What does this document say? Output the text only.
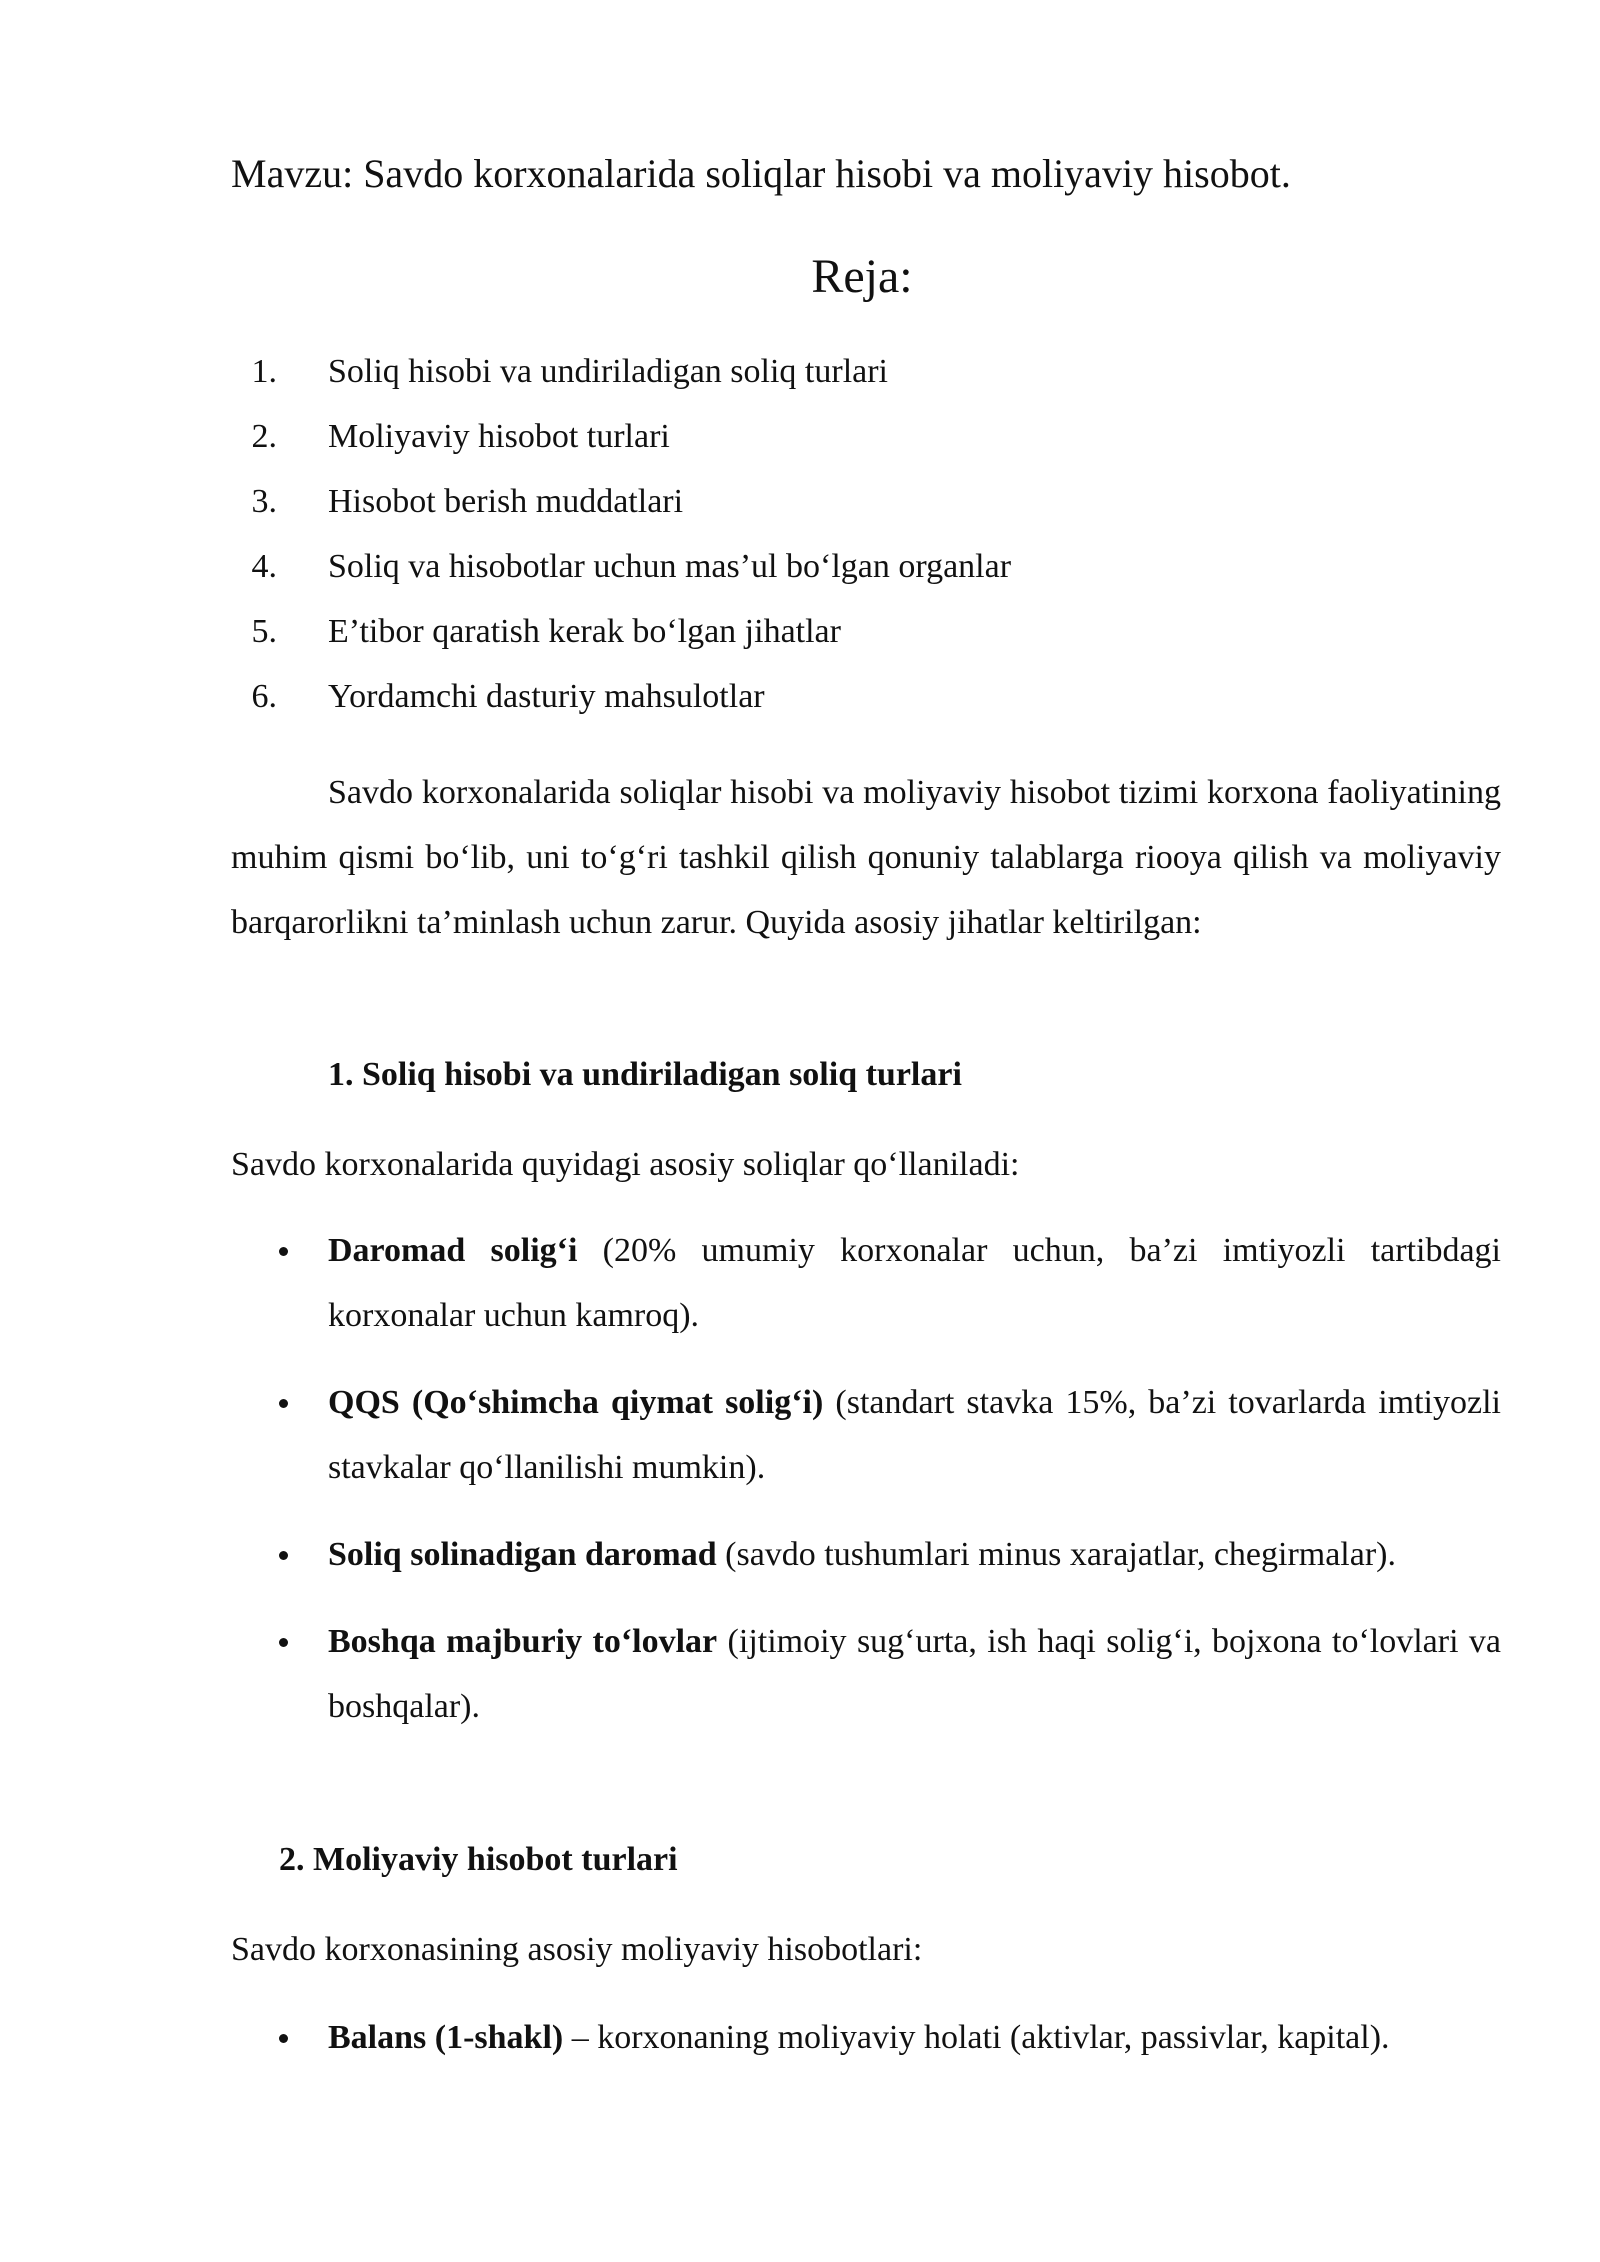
Mavzu: Savdo korxonalarida soliqlar hisobi va moliyaviy hisobot.
Reja:
1. Soliq hisobi va undiriladigan soliq turlari
2. Moliyaviy hisobot turlari
3. Hisobot berish muddatlari
4. Soliq va hisobotlar uchun mas’ul bo‘lgan organlar
5. E’tibor qaratish kerak bo‘lgan jihatlar
6. Yordamchi dasturiy mahsulotlar

Savdo korxonalarida soliqlar hisobi va moliyaviy hisobot tizimi korxona faoliyatining muhim qismi bo‘lib, uni to‘g‘ri tashkil qilish qonuniy talablarga riooya qilish va moliyaviy barqarorlikni ta’minlash uchun zarur. Quyida asosiy jihatlar keltirilgan:

1. Soliq hisobi va undiriladigan soliq turlari

Savdo korxonalarida quyidagi asosiy soliqlar qo‘llaniladi:

Daromad solig‘i (20% umumiy korxonalar uchun, ba’zi imtiyozli tartibdagi korxonalar uchun kamroq).
QQS (Qo‘shimcha qiymat solig‘i) (standart stavka 15%, ba’zi tovarlarda imtiyozli stavkalar qo‘llanilishi mumkin).
Soliq solinadigan daromad (savdo tushumlari minus xarajatlar, chegirmalar).
Boshqa majburiy to‘lovlar (ijtimoiy sug‘urta, ish haqi solig‘i, bojxona to‘lovlari va boshqalar).
2. Moliyaviy hisobot turlari

Savdo korxonasining asosiy moliyaviy hisobotlari:

Balans (1-shakl) – korxonaning moliyaviy holati (aktivlar, passivlar, kapital).
